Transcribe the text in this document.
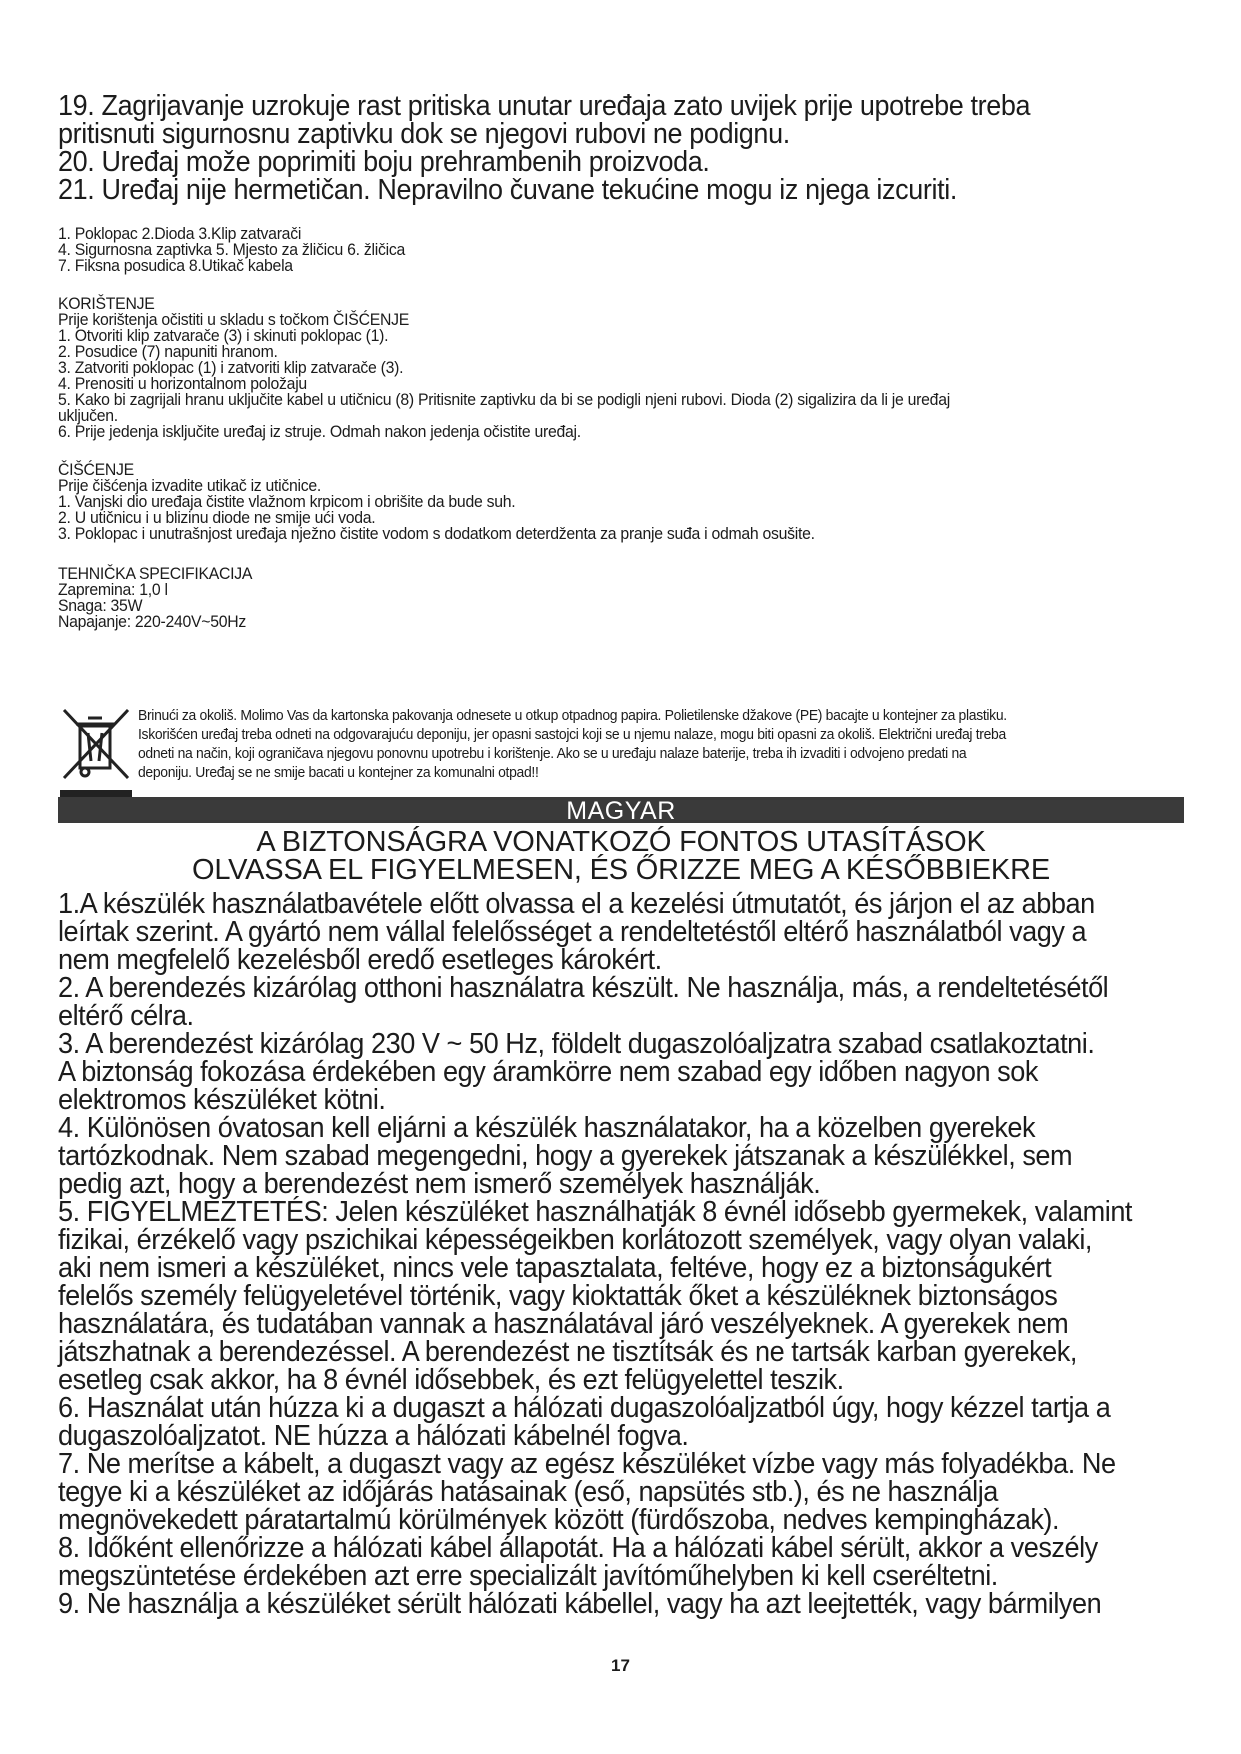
19. Zagrijavanje uzrokuje rast pritiska unutar uređaja zato uvijek prije upotrebe treba
pritisnuti sigurnosnu zaptivku dok se njegovi rubovi ne podignu.
20. Uređaj može poprimiti boju prehrambenih proizvoda.
21. Uređaj nije hermetičan. Nepravilno čuvane tekućine mogu iz njega izcuriti.
1. Poklopac 2.Dioda 3.Klip zatvarači
4. Sigurnosna zaptivka 5. Mjesto za žličicu 6. žličica
7. Fiksna posudica 8.Utikač kabela
KORIŠTENJE
Prije korištenja očistiti u skladu s točkom ČIŠĆENJE
1. Otvoriti klip zatvarače (3) i skinuti poklopac (1).
2. Posudice (7) napuniti hranom.
3. Zatvoriti poklopac (1) i zatvoriti klip zatvarače (3).
4. Prenositi u horizontalnom položaju
5. Kako bi zagrijali hranu uključite kabel u utičnicu (8) Pritisnite zaptivku da bi se podigli njeni rubovi. Dioda (2) sigalizira da li je uređaj
uključen.
6. Prije jedenja isključite uređaj iz struje. Odmah nakon jedenja očistite uređaj.
ČIŠĆENJE
Prije čišćenja izvadite utikač iz utičnice.
1. Vanjski dio uređaja čistite vlažnom krpicom i obrišite da bude suh.
2. U utičnicu i u blizinu diode ne smije ući voda.
3. Poklopac i unutrašnjost uređaja nježno čistite vodom s dodatkom deterdženta za pranje suđa i odmah osušite.
TEHNIČKA SPECIFIKACIJA
Zapremina: 1,0 l
Snaga: 35W
Napajanje: 220-240V~50Hz
Brinući za okoliš. Molimo Vas da kartonska pakovanja odnesete u otkup otpadnog papira. Polietilenske džakove (PE) bacajte u kontejner za plastiku.
Iskorišćen uređaj treba odneti na odgovarajuću deponiju, jer opasni sastojci koji se u njemu nalaze, mogu biti opasni za okoliš. Električni uređaj treba
odneti na način, koji ograničava njegovu ponovnu upotrebu i korištenje. Ako se u uređaju nalaze baterije, treba ih izvaditi i odvojeno predati na
deponiju. Uređaj se ne smije bacati u kontejner za komunalni otpad!!
MAGYAR
A BIZTONSÁGRA VONATKOZÓ FONTOS UTASÍTÁSOK
OLVASSA EL FIGYELMESEN, ÉS ŐRIZZE MEG A KÉSŐBBIEKRE
1.A készülék használatbavétele előtt olvassa el a kezelési útmutatót, és járjon el az abban
leírtak szerint. A gyártó nem vállal felelősséget a rendeltetéstől eltérő használatból vagy a
nem megfelelő kezelésből eredő esetleges károkért.
2. A berendezés kizárólag otthoni használatra készült. Ne használja, más, a rendeltetésétől
eltérő célra.
3. A berendezést kizárólag 230 V ~ 50 Hz, földelt dugaszolóaljzatra szabad csatlakoztatni.
A biztonság fokozása érdekében egy áramkörre nem szabad egy időben nagyon sok
elektromos készüléket kötni.
4. Különösen óvatosan kell eljárni a készülék használatakor, ha a közelben gyerekek
tartózkodnak. Nem szabad megengedni, hogy a gyerekek játszanak a készülékkel, sem
pedig azt, hogy a berendezést nem ismerő személyek használják.
5. FIGYELMEZTETÉS: Jelen készüléket használhatják 8 évnél idősebb gyermekek, valamint
fizikai, érzékelő vagy pszichikai képességeikben korlátozott személyek, vagy olyan valaki,
aki nem ismeri a készüléket, nincs vele tapasztalata, feltéve, hogy ez a biztonságukért
felelős személy felügyeletével történik, vagy kioktatták őket a készüléknek biztonságos
használatára, és tudatában vannak a használatával járó veszélyeknek. A gyerekek nem
játszhatnak a berendezéssel. A berendezést ne tisztítsák és ne tartsák karban gyerekek,
esetleg csak akkor, ha 8 évnél idősebbek, és ezt felügyelettel teszik.
6. Használat után húzza ki a dugaszt a hálózati dugaszolóaljzatból úgy, hogy kézzel tartja a
dugaszolóaljzatot. NE húzza a hálózati kábelnél fogva.
7. Ne merítse a kábelt, a dugaszt vagy az egész készüléket vízbe vagy más folyadékba. Ne
tegye ki a készüléket az időjárás hatásainak (eső, napsütés stb.), és ne használja
megnövekedett páratartalmú körülmények között (fürdőszoba, nedves kempingházak).
8. Időként ellenőrizze a hálózati kábel állapotát. Ha a hálózati kábel sérült, akkor a veszély
megszüntetése érdekében azt erre specializált javítóműhelyben ki kell cseréltetni.
9. Ne használja a készüléket sérült hálózati kábellel, vagy ha azt leejtették, vagy bármilyen
17
